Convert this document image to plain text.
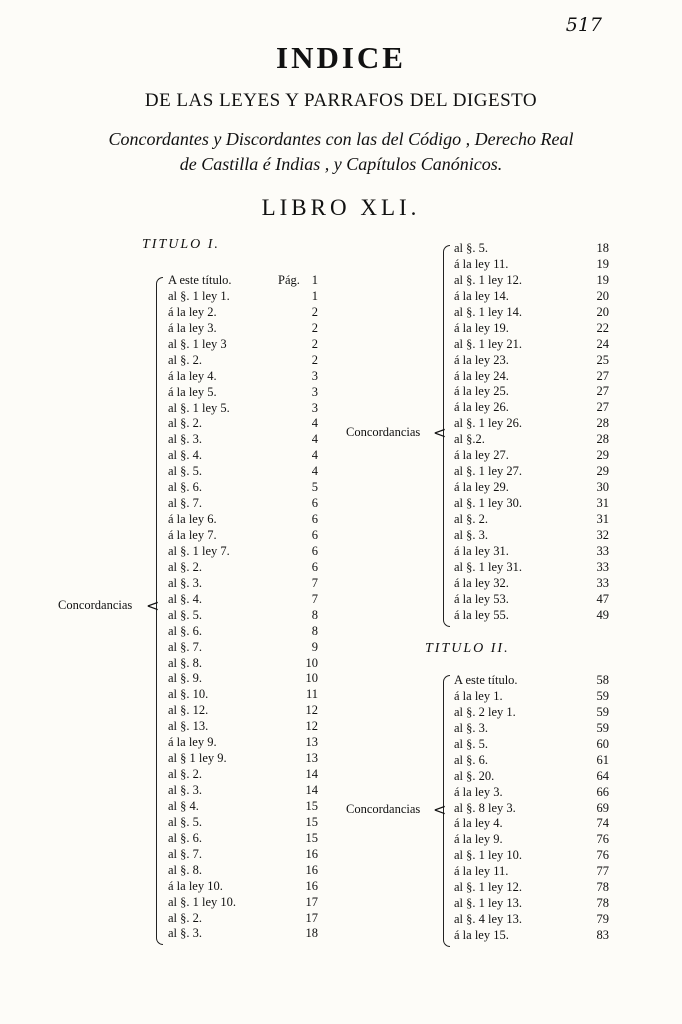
517
INDICE
DE LAS LEYES Y PARRAFOS DEL DIGESTO
Concordantes y Discordantes con las del Código , Derecho Real
de Castilla é Indias , y Capítulos Canónicos.
LIBRO XLI.
TITULO I.
Pág.
Concordancias <
A este título.	1
al §. 1 ley 1.	1
á la ley 2.	2
á la ley 3.	2
al §. 1 ley 3	2
al §. 2.	2
á la ley 4.	3
á la ley 5.	3
al §. 1 ley 5.	3
al §. 2.	4
al §. 3.	4
al §. 4.	4
al §. 5.	4
al §. 6.	5
al §. 7.	6
á la ley 6.	6
á la ley 7.	6
al §. 1 ley 7.	6
al §. 2.	6
al §. 3.	7
al §. 4.	7
al §. 5.	8
al §. 6.	8
al §. 7.	9
al §. 8.	10
al §. 9.	10
al §. 10.	11
al §. 12.	12
al §. 13.	12
á la ley 9.	13
al § 1 ley 9.	13
al §. 2.	14
al §. 3.	14
al § 4.	15
al §. 5.	15
al §. 6.	15
al §. 7.	16
al §. 8.	16
á la ley 10.	16
al §. 1 ley 10.	17
al §. 2.	17
al §. 3.	18
Concordancias <
al §. 5.	18
á la ley 11.	19
al §. 1 ley 12.	19
á la ley 14.	20
al §. 1 ley 14.	20
á la ley 19.	22
al §. 1 ley 21.	24
á la ley 23.	25
á la ley 24.	27
á la ley 25.	27
á la ley 26.	27
al §. 1 ley 26.	28
al §.2.	28
á la ley 27.	29
al §. 1 ley 27.	29
á la ley 29.	30
al §. 1 ley 30.	31
al §. 2.	31
al §. 3.	32
á la ley 31.	33
al §. 1 ley 31.	33
á la ley 32.	33
á la ley 53.	47
á la ley 55.	49
TITULO II.
Concordancias <
A este título.	58
á la ley 1.	59
al §. 2 ley 1.	59
al §. 3.	59
al §. 5.	60
al §. 6.	61
al §. 20.	64
á la ley 3.	66
al §. 8 ley 3.	69
á la ley 4.	74
á la ley 9.	76
al §. 1 ley 10.	76
á la ley 11.	77
al §. 1 ley 12.	78
al §. 1 ley 13.	78
al §. 4 ley 13.	79
á la ley 15.	83
